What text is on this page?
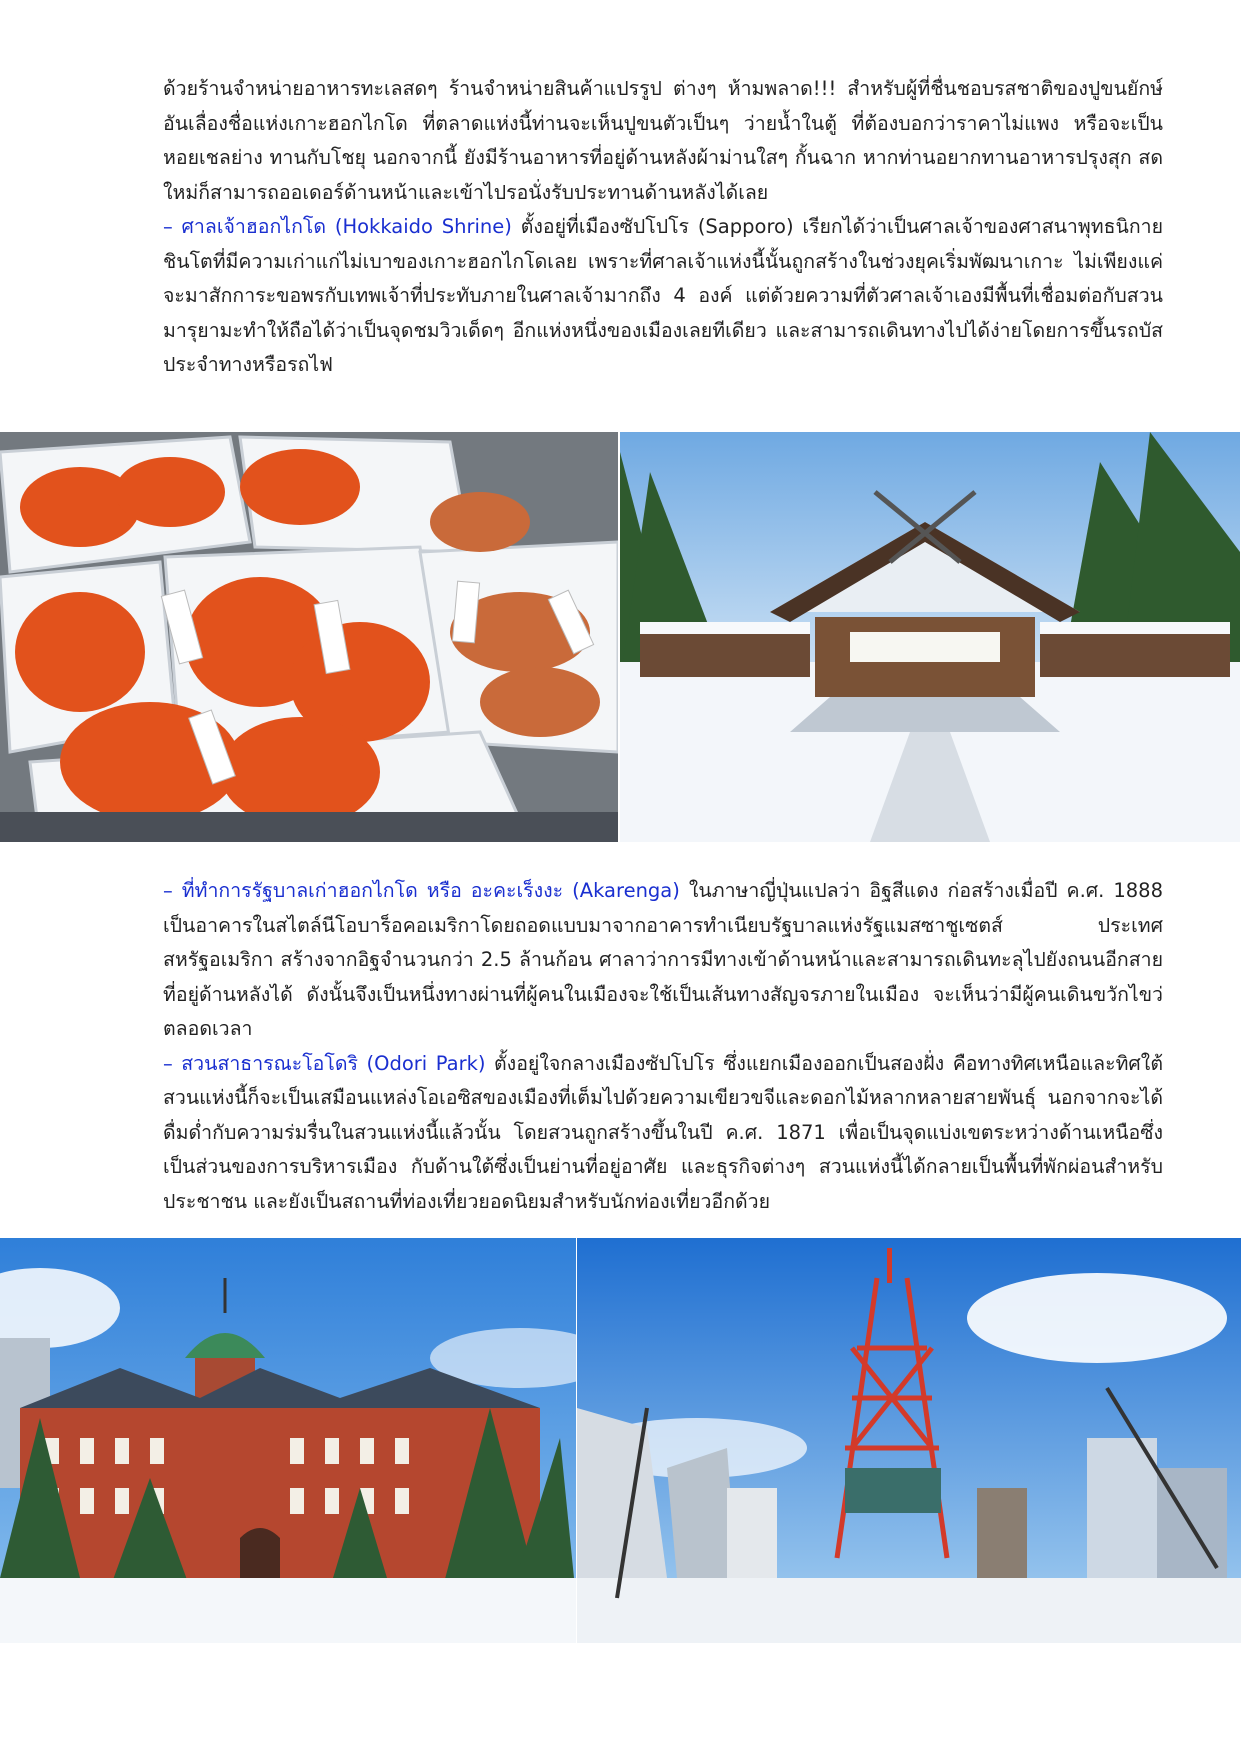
ด้วยร้านจำหน่ายอาหารทะเลสดๆ ร้านจำหน่ายสินค้าแปรรูป ต่างๆ ห้ามพลาด!!! สำหรับผู้ที่ชื่นชอบรสชาติของปูขนยักษ์อันเลื่องชื่อแห่งเกาะฮอกไกโด ที่ตลาดแห่งนี้ท่านจะเห็นปูขนตัวเป็นๆ ว่ายน้ำในตู้ ที่ต้องบอกว่าราคาไม่แพง หรือจะเป็น หอยเชลย่าง ทานกับโชยุ นอกจากนี้ ยังมีร้านอาหารที่อยู่ด้านหลังผ้าม่านใสๆ กั้นฉาก หากท่านอยากทานอาหารปรุงสุก สดใหม่ก็สามารถออเดอร์ด้านหน้าและเข้าไปรอนั่งรับประทานด้านหลังได้เลย

– ศาลเจ้าฮอกไกโด (Hokkaido Shrine) ตั้งอยู่ที่เมืองซัปโปโร (Sapporo) เรียกได้ว่าเป็นศาลเจ้าของศาสนาพุทธนิกายชินโตที่มีความเก่าแก่ไม่เบาของเกาะฮอกไกโดเลย เพราะที่ศาลเจ้าแห่งนี้นั้นถูกสร้างในช่วงยุคเริ่มพัฒนาเกาะ ไม่เพียงแค่จะมาสักการะขอพรกับเทพเจ้าที่ประทับภายในศาลเจ้ามากถึง 4 องค์ แต่ด้วยความที่ตัวศาลเจ้าเองมีพื้นที่เชื่อมต่อกับสวนมารุยามะทำให้ถือได้ว่าเป็นจุดชมวิวเด็ดๆ อีกแห่งหนึ่งของเมืองเลยทีเดียว และสามารถเดินทางไปได้ง่ายโดยการขึ้นรถบัสประจำทางหรือรถไฟ

– ที่ทำการรัฐบาลเก่าฮอกไกโด หรือ อะคะเร็งงะ (Akarenga) ในภาษาญี่ปุ่นแปลว่า อิฐสีแดง ก่อสร้างเมื่อปี ค.ศ. 1888 เป็นอาคารในสไตล์นีโอบาร็อคอเมริกาโดยถอดแบบมาจากอาคารทำเนียบรัฐบาลแห่งรัฐแมสซาชูเซตส์ ประเทศสหรัฐอเมริกา สร้างจากอิฐจำนวนกว่า 2.5 ล้านก้อน ศาลาว่าการมีทางเข้าด้านหน้าและสามารถเดินทะลุไปยังถนนอีกสายที่อยู่ด้านหลังได้ ดังนั้นจึงเป็นหนึ่งทางผ่านที่ผู้คนในเมืองจะใช้เป็นเส้นทางสัญจรภายในเมือง จะเห็นว่ามีผู้คนเดินขวักไขว่ตลอดเวลา

– สวนสาธารณะโอโดริ (Odori Park) ตั้งอยู่ใจกลางเมืองซัปโปโร ซึ่งแยกเมืองออกเป็นสองฝั่ง คือทางทิศเหนือและทิศใต้ สวนแห่งนี้ก็จะเป็นเสมือนแหล่งโอเอซิสของเมืองที่เต็มไปด้วยความเขียวขจีและดอกไม้หลากหลายสายพันธุ์ นอกจากจะได้ดื่มด่ำกับความร่มรื่นในสวนแห่งนี้แล้วนั้น โดยสวนถูกสร้างขึ้นในปี ค.ศ. 1871 เพื่อเป็นจุดแบ่งเขตระหว่างด้านเหนือซึ่งเป็นส่วนของการบริหารเมือง กับด้านใต้ซึ่งเป็นย่านที่อยู่อาศัย และธุรกิจต่างๆ สวนแห่งนี้ได้กลายเป็นพื้นที่พักผ่อนสำหรับประชาชน และยังเป็นสถานที่ท่องเที่ยวยอดนิยมสำหรับนักท่องเที่ยวอีกด้วย
